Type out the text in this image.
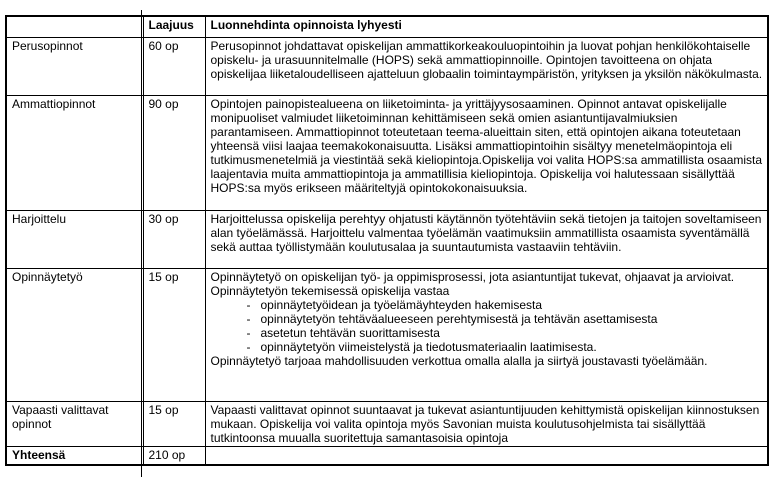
	Laajuus	Luonnehdinta opinnoista lyhyesti
Perusopinnot	60 op	Perusopinnot johdattavat opiskelijan ammattikorkeakouluopintoihin ja luovat pohjan henkilökohtaiselle opiskelu- ja urasuunnitelmalle (HOPS) sekä ammattiopinnoille. Opintojen tavoitteena on ohjata opiskelijaa liiketaloudelliseen ajatteluun globaalin toimintaympäristön, yrityksen ja yksilön näkökulmasta.
Ammattiopinnot	90 op	Opintojen painopistealueena on liiketoiminta- ja yrittäjyysosaaminen. Opinnot antavat opiskelijalle monipuoliset valmiudet liiketoiminnan kehittämiseen sekä omien asiantuntijavalmiuksien parantamiseen. Ammattiopinnot toteutetaan teema-alueittain siten, että opintojen aikana toteutetaan yhteensä viisi laajaa teemakokonaisuutta. Lisäksi ammattiopintoihin sisältyy menetelmäopintoja eli tutkimusmenetelmiä ja viestintää sekä kieliopintoja.Opiskelija voi valita HOPS:sa ammatillista osaamista laajentavia muita ammattiopintoja ja ammatillisia kieliopintoja. Opiskelija voi halutessaan sisällyttää HOPS:sa myös erikseen määriteltyjä opintokokonaisuuksia.
Harjoittelu	30 op	Harjoittelussa opiskelija perehtyy ohjatusti käytännön työtehtäviin sekä tietojen ja taitojen soveltamiseen alan työelämässä. Harjoittelu valmentaa työelämän vaatimuksiin ammatillista osaamista syventämällä sekä auttaa työllistymään koulutusalaa ja suuntautumista vastaaviin tehtäviin.
Opinnäytetyö	15 op	Opinnäytetyö on opiskelijan työ- ja oppimisprosessi, jota asiantuntijat tukevat, ohjaavat ja arvioivat.
Opinnäytetyön tekemisessä opiskelija vastaa
- opinnäytetyöidean ja työelämäyhteyden hakemisesta
- opinnäytetyön tehtäväalueeseen perehtymisestä ja tehtävän asettamisesta
- asetetun tehtävän suorittamisesta
- opinnäytetyön viimeistelystä ja tiedotusmateriaalin laatimisesta.
Opinnäytetyö tarjoaa mahdollisuuden verkottua omalla alalla ja siirtyä joustavasti työelämään.

Vapaasti valittavat opinnot	15 op	Vapaasti valittavat opinnot suuntaavat ja tukevat asiantuntijuuden kehittymistä opiskelijan kiinnostuksen mukaan. Opiskelija voi valita opintoja myös Savonian muista koulutusohjelmista tai sisällyttää tutkintoonsa muualla suoritettuja samantasoisia opintoja
Yhteensä	210 op	
